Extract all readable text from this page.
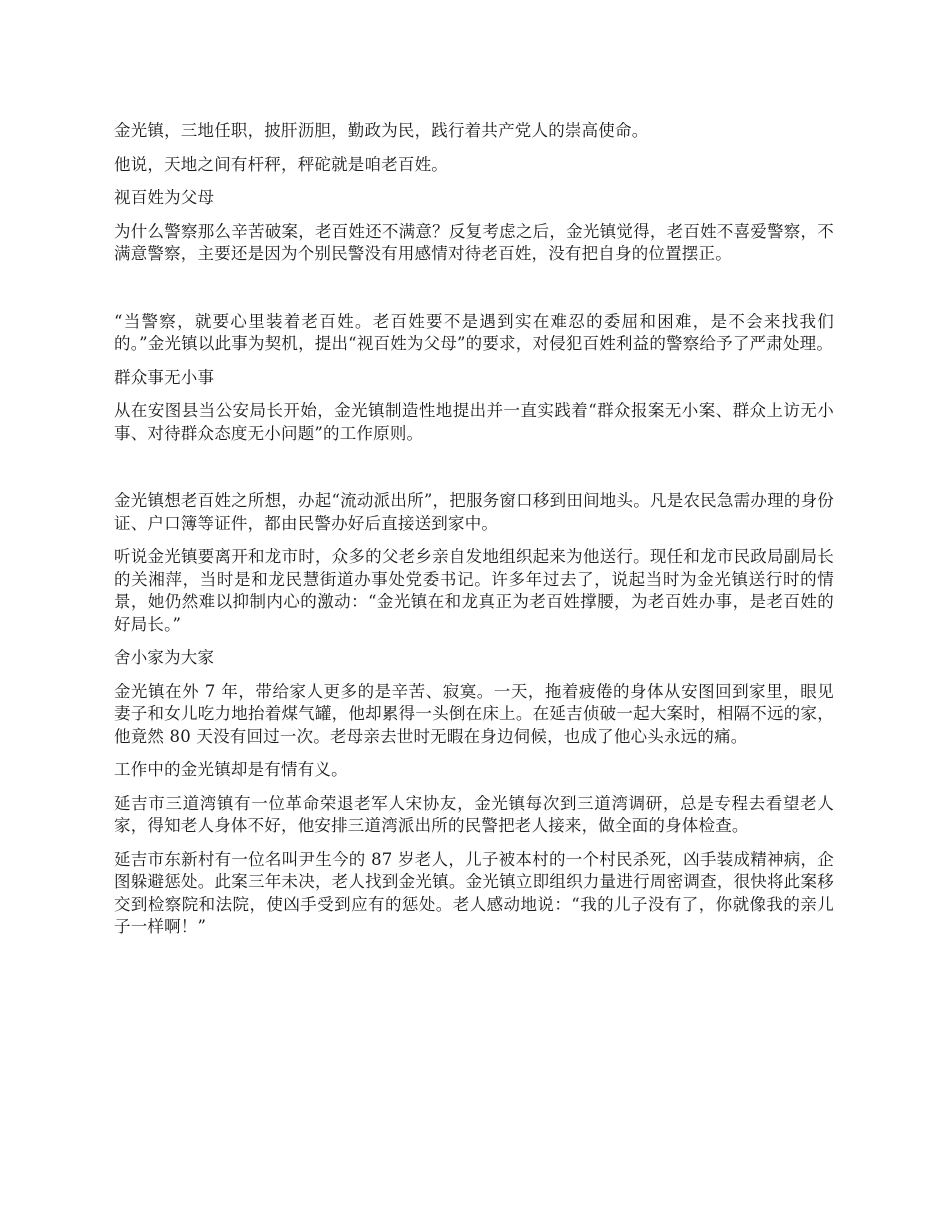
金光镇，三地任职，披肝沥胆，勤政为民，践行着共产党人的崇高使命。

他说，天地之间有杆秤，秤砣就是咱老百姓。

视百姓为父母

为什么警察那么辛苦破案，老百姓还不满意？反复考虑之后，金光镇觉得，老百姓不喜爱警察，不满意警察，主要还是因为个别民警没有用感情对待老百姓，没有把自身的位置摆正。

“当警察，就要心里装着老百姓。老百姓要不是遇到实在难忍的委屈和困难，是不会来找我们的。”金光镇以此事为契机，提出“视百姓为父母”的要求，对侵犯百姓利益的警察给予了严肃处理。

群众事无小事

从在安图县当公安局长开始，金光镇制造性地提出并一直实践着“群众报案无小案、群众上访无小事、对待群众态度无小问题”的工作原则。

金光镇想老百姓之所想，办起“流动派出所”，把服务窗口移到田间地头。凡是农民急需办理的身份证、户口簿等证件，都由民警办好后直接送到家中。

听说金光镇要离开和龙市时，众多的父老乡亲自发地组织起来为他送行。现任和龙市民政局副局长的关湘萍，当时是和龙民慧街道办事处党委书记。许多年过去了，说起当时为金光镇送行时的情景，她仍然难以抑制内心的激动：“金光镇在和龙真正为老百姓撑腰，为老百姓办事，是老百姓的好局长。”

舍小家为大家

金光镇在外 7 年，带给家人更多的是辛苦、寂寞。一天，拖着疲倦的身体从安图回到家里，眼见妻子和女儿吃力地抬着煤气罐，他却累得一头倒在床上。在延吉侦破一起大案时，相隔不远的家，他竟然 80 天没有回过一次。老母亲去世时无暇在身边伺候，也成了他心头永远的痛。

工作中的金光镇却是有情有义。

延吉市三道湾镇有一位革命荣退老军人宋协友，金光镇每次到三道湾调研，总是专程去看望老人家，得知老人身体不好，他安排三道湾派出所的民警把老人接来，做全面的身体检查。

延吉市东新村有一位名叫尹生今的 87 岁老人，儿子被本村的一个村民杀死，凶手装成精神病，企图躲避惩处。此案三年未决，老人找到金光镇。金光镇立即组织力量进行周密调查，很快将此案移交到检察院和法院，使凶手受到应有的惩处。老人感动地说：“我的儿子没有了，你就像我的亲儿子一样啊！”
